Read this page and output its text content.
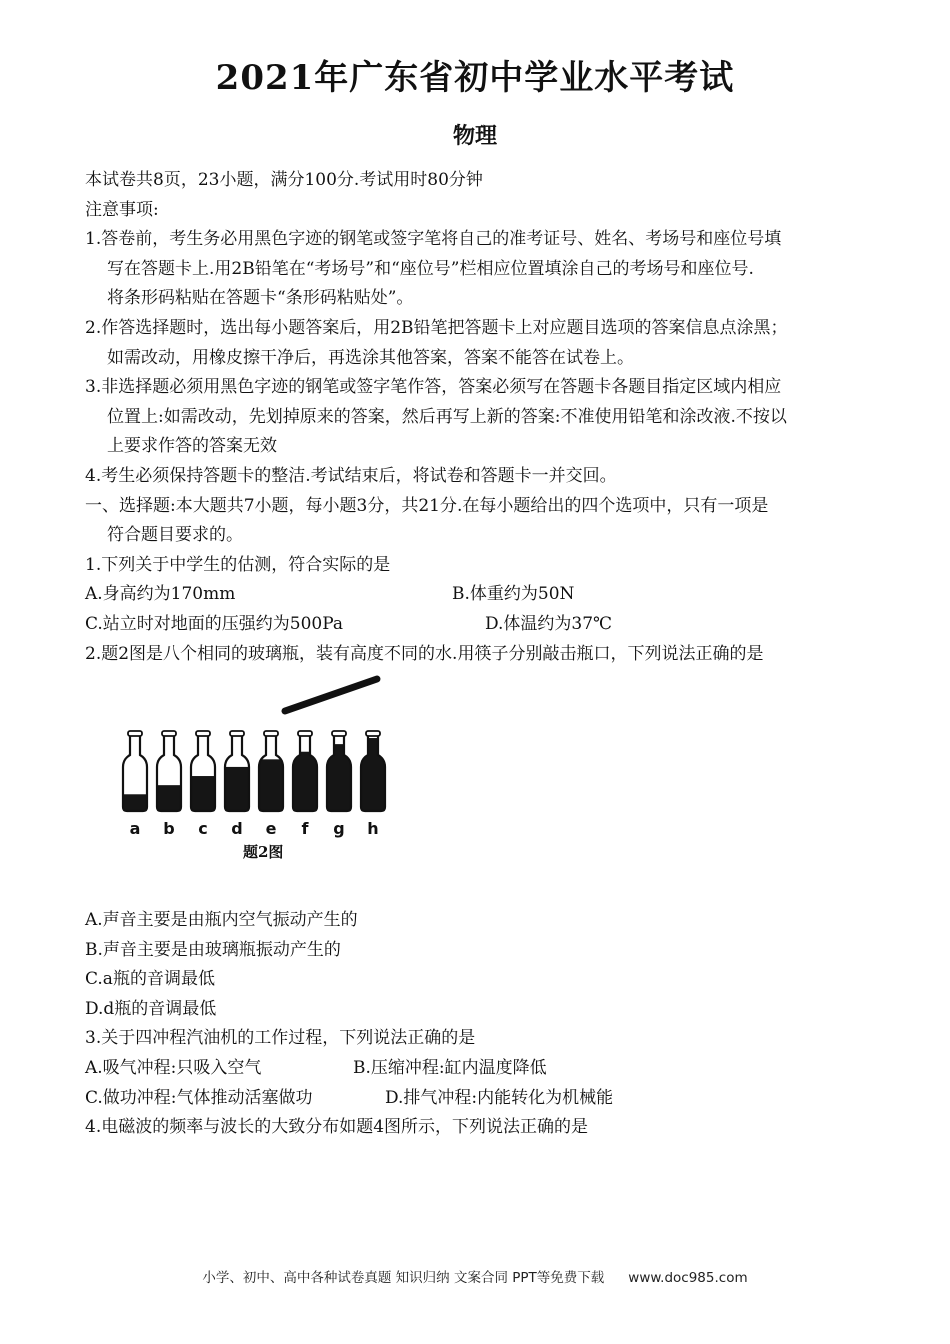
2021年广东省初中学业水平考试
物理
本试卷共8页，23小题，满分100分.考试用时80分钟
注意事项:
1.答卷前，考生务必用黑色字迹的钢笔或签字笔将自己的准考证号、姓名、考场号和座位号填
写在答题卡上.用2B铅笔在“考场号”和“座位号”栏相应位置填涂自己的考场号和座位号.
将条形码粘贴在答题卡“条形码粘贴处”。
2.作答选择题时，选出每小题答案后，用2B铅笔把答题卡上对应题目选项的答案信息点涂黑；
如需改动，用橡皮擦干净后，再选涂其他答案，答案不能答在试卷上。
3.非选择题必须用黑色字迹的钢笔或签字笔作答，答案必须写在答题卡各题目指定区域内相应
位置上:如需改动，先划掉原来的答案，然后再写上新的答案:不准使用铅笔和涂改液.不按以
上要求作答的答案无效
4.考生必须保持答题卡的整洁.考试结束后，将试卷和答题卡一并交回。
一、选择题:本大题共7小题，每小题3分，共21分.在每小题给出的四个选项中，只有一项是
符合题目要求的。
1.下列关于中学生的估测，符合实际的是
A.身高约为170mm	B.体重约为50N
C.站立时对地面的压强约为500Pa	D.体温约为37℃
2.题2图是八个相同的玻璃瓶，装有高度不同的水.用筷子分别敲击瓶口，下列说法正确的是
a b c d e f g h
题2图
A.声音主要是由瓶内空气振动产生的
B.声音主要是由玻璃瓶振动产生的
C.a瓶的音调最低
D.d瓶的音调最低
3.关于四冲程汽油机的工作过程，下列说法正确的是
A.吸气冲程:只吸入空气	B.压缩冲程:缸内温度降低
C.做功冲程:气体推动活塞做功	D.排气冲程:内能转化为机械能
4.电磁波的频率与波长的大致分布如题4图所示，下列说法正确的是
小学、初中、高中各种试卷真题 知识归纳 文案合同 PPT等免费下载 www.doc985.com
